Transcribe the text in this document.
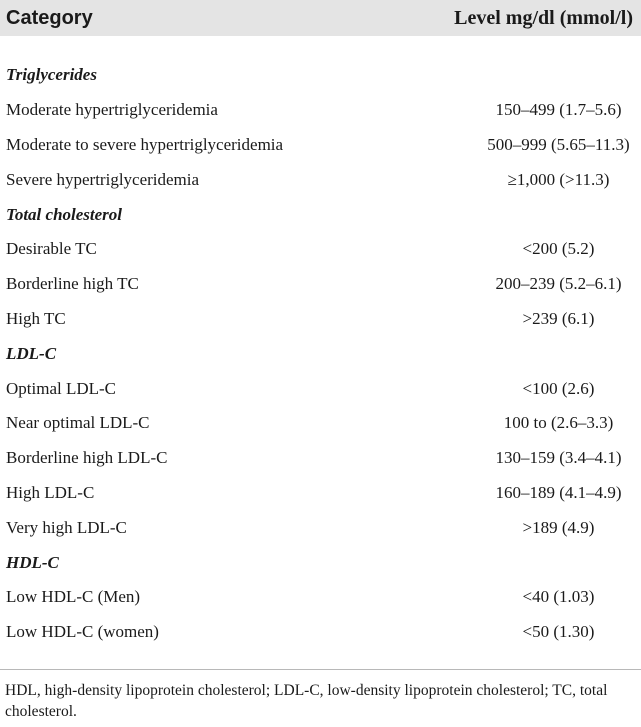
Category	Level mg/dl (mmol/l)
Triglycerides
Moderate hypertriglyceridemia	150–499 (1.7–5.6)
Moderate to severe hypertriglyceridemia	500–999 (5.65–11.3)
Severe hypertriglyceridemia	≥1,000 (>11.3)
Total cholesterol
Desirable TC	<200 (5.2)
Borderline high TC	200–239 (5.2–6.1)
High TC	>239 (6.1)
LDL-C
Optimal LDL-C	<100 (2.6)
Near optimal LDL-C	100 to (2.6–3.3)
Borderline high LDL-C	130–159 (3.4–4.1)
High LDL-C	160–189 (4.1–4.9)
Very high LDL-C	>189 (4.9)
HDL-C
Low HDL-C (Men)	<40 (1.03)
Low HDL-C (women)	<50 (1.30)
HDL, high-density lipoprotein cholesterol; LDL-C, low-density lipoprotein cholesterol; TC, total cholesterol.
